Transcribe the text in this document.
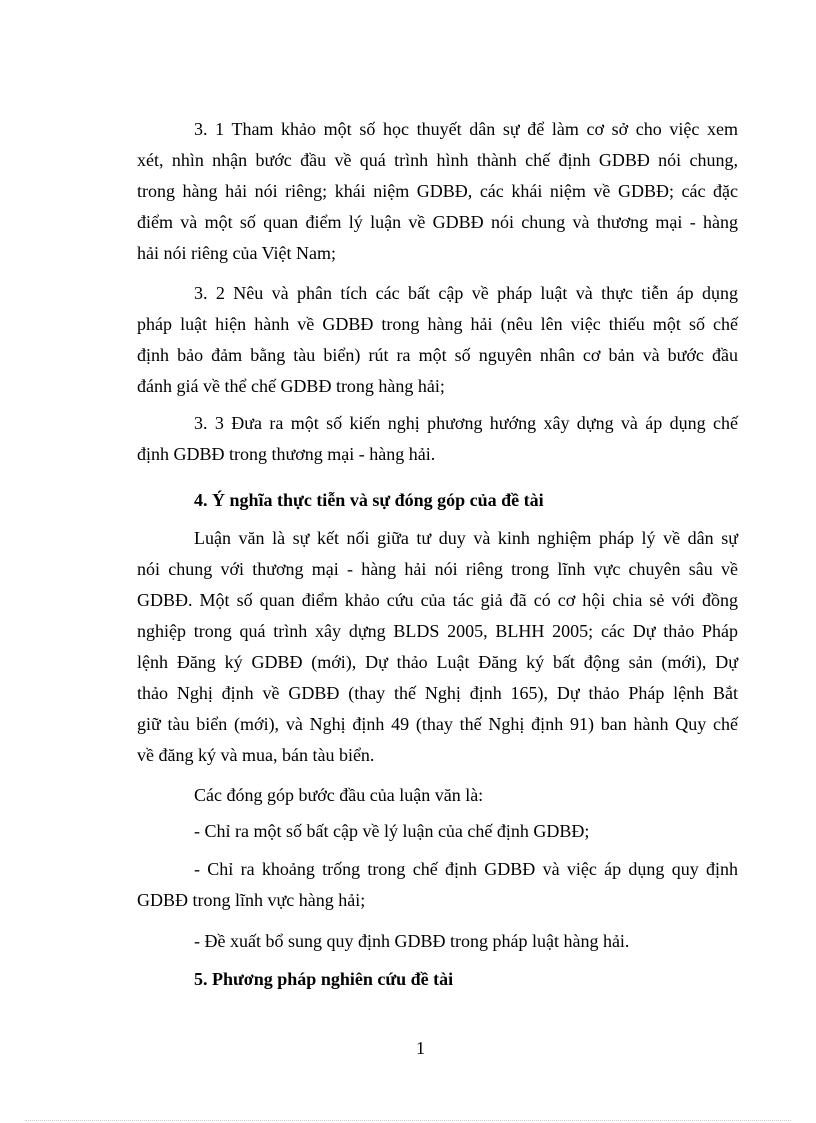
3. 1 Tham khảo một số học thuyết dân sự để làm cơ sở cho việc xem
xét, nhìn nhận bước đầu về quá trình hình thành chế định GDBĐ nói chung,
trong hàng hải nói riêng; khái niệm GDBĐ, các khái niệm về GDBĐ; các đặc
điểm và một số quan điểm lý luận về GDBĐ nói chung và thương mại - hàng
hải nói riêng của Việt Nam;
3. 2 Nêu và phân tích các bất cập về pháp luật và thực tiễn áp dụng
pháp luật hiện hành về GDBĐ trong hàng hải (nêu lên việc thiếu một số chế
định bảo đảm bằng tàu biển) rút ra một số nguyên nhân cơ bản và bước đầu
đánh giá về thể chế GDBĐ trong hàng hải;
3. 3 Đưa ra một số kiến nghị phương hướng xây dựng và áp dụng chế
định GDBĐ trong thương mại - hàng hải.
4. Ý nghĩa thực tiễn và sự đóng góp của đề tài
Luận văn là sự kết nối giữa tư duy và kinh nghiệm pháp lý về dân sự
nói chung với thương mại - hàng hải nói riêng trong lĩnh vực chuyên sâu về
GDBĐ. Một số quan điểm khảo cứu của tác giả đã có cơ hội chia sẻ với đồng
nghiệp trong quá trình xây dựng BLDS 2005, BLHH 2005; các Dự thảo Pháp
lệnh Đăng ký GDBĐ (mới), Dự thảo Luật Đăng ký bất động sản (mới), Dự
thảo Nghị định về GDBĐ (thay thế Nghị định 165), Dự thảo Pháp lệnh Bắt
giữ tàu biển (mới), và Nghị định 49 (thay thế Nghị định 91) ban hành Quy chế
về đăng ký và mua, bán tàu biển.
Các đóng góp bước đầu của luận văn là:
- Chỉ ra một số bất cập về lý luận của chế định GDBĐ;
- Chỉ ra khoảng trống trong chế định GDBĐ và việc áp dụng quy định
GDBĐ trong lĩnh vực hàng hải;
- Đề xuất bổ sung quy định GDBĐ trong pháp luật hàng hải.
5. Phương pháp nghiên cứu đề tài
1
